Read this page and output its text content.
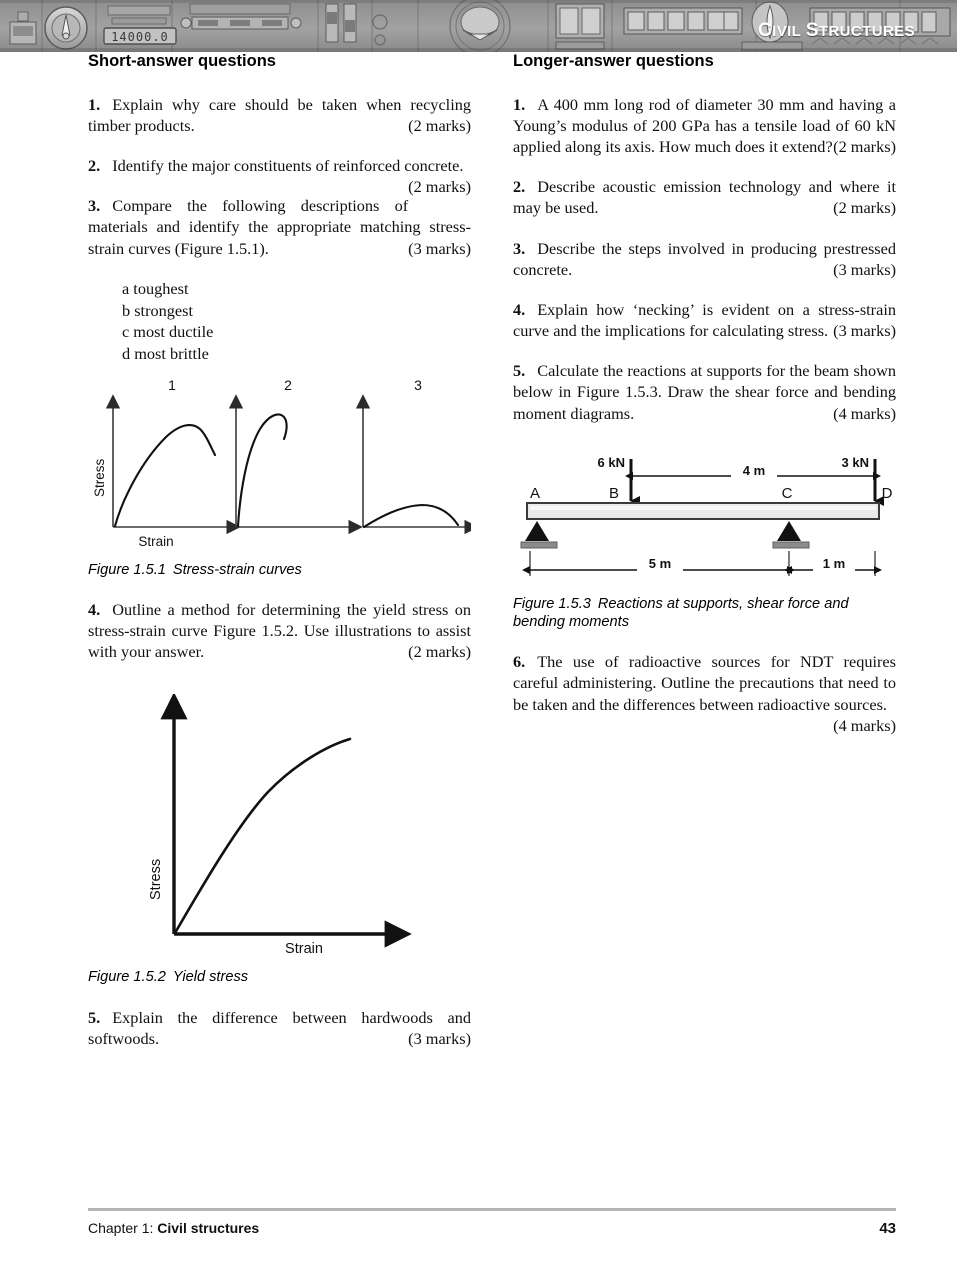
14000.0	CIVIL STRUCTURES
Short-answer questions

1. Explain why care should be taken when recycling timber products.	(2 marks)

2. Identify the major constituents of reinforced concrete.
(2 marks)

3. Compare the following descriptions of materials and identify the appropriate matching stress-strain curves (Figure 1.5.1).	(3 marks)

a toughest
b strongest
c most ductile
d most brittle
1	2	3
Stress
Strain
Figure 1.5.1 Stress-strain curves

4. Outline a method for determining the yield stress on stress-strain curve Figure 1.5.2. Use illustrations to assist with your answer.	(2 marks)

Stress
Strain
Figure 1.5.2 Yield stress

5. Explain the difference between hardwoods and softwoods.	(3 marks)

Longer-answer questions

1. A 400 mm long rod of diameter 30 mm and having a Young’s modulus of 200 GPa has a tensile load of 60 kN applied along its axis. How much does it extend? (2 marks)

2. Describe acoustic emission technology and where it may be used.	(2 marks)

3. Describe the steps involved in producing prestressed concrete.	(3 marks)

4. Explain how ‘necking’ is evident on a stress-strain curve and the implications for calculating stress. (3 marks)

5. Calculate the reactions at supports for the beam shown below in Figure 1.5.3. Draw the shear force and bending moment diagrams.	(4 marks)

6 kN	3 kN
4 m
A	B	C	D
5 m	1 m
Figure 1.5.3 Reactions at supports, shear force and bending moments

6. The use of radioactive sources for NDT requires careful administering. Outline the precautions that need to be taken and the differences between radioactive sources.
(4 marks)

43
Chapter 1: Civil structures
